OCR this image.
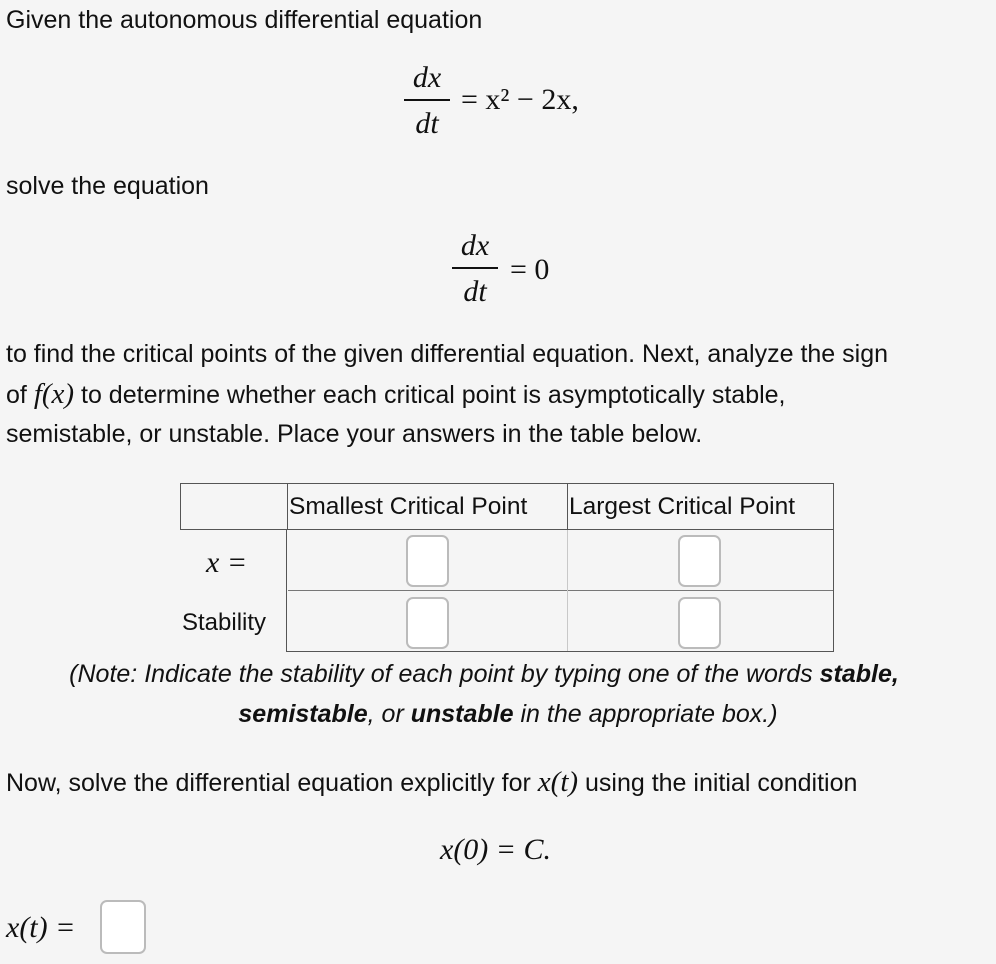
Given the autonomous differential equation

dx
dt
= x² − 2x,

solve the equation

dx
dt
= 0

to find the critical points of the given differential equation. Next, analyze the sign

of f(x) to determine whether each critical point is asymptotically stable,

semistable, or unstable. Place your answers in the table below.

Smallest Critical Point Largest Critical Point
x =
Stability
(Note: Indicate the stability of each point by typing one of the words stable,
semistable, or unstable in the appropriate box.)

Now, solve the differential equation explicitly for x(t) using the initial condition

x(0) = C.
x(t) =
